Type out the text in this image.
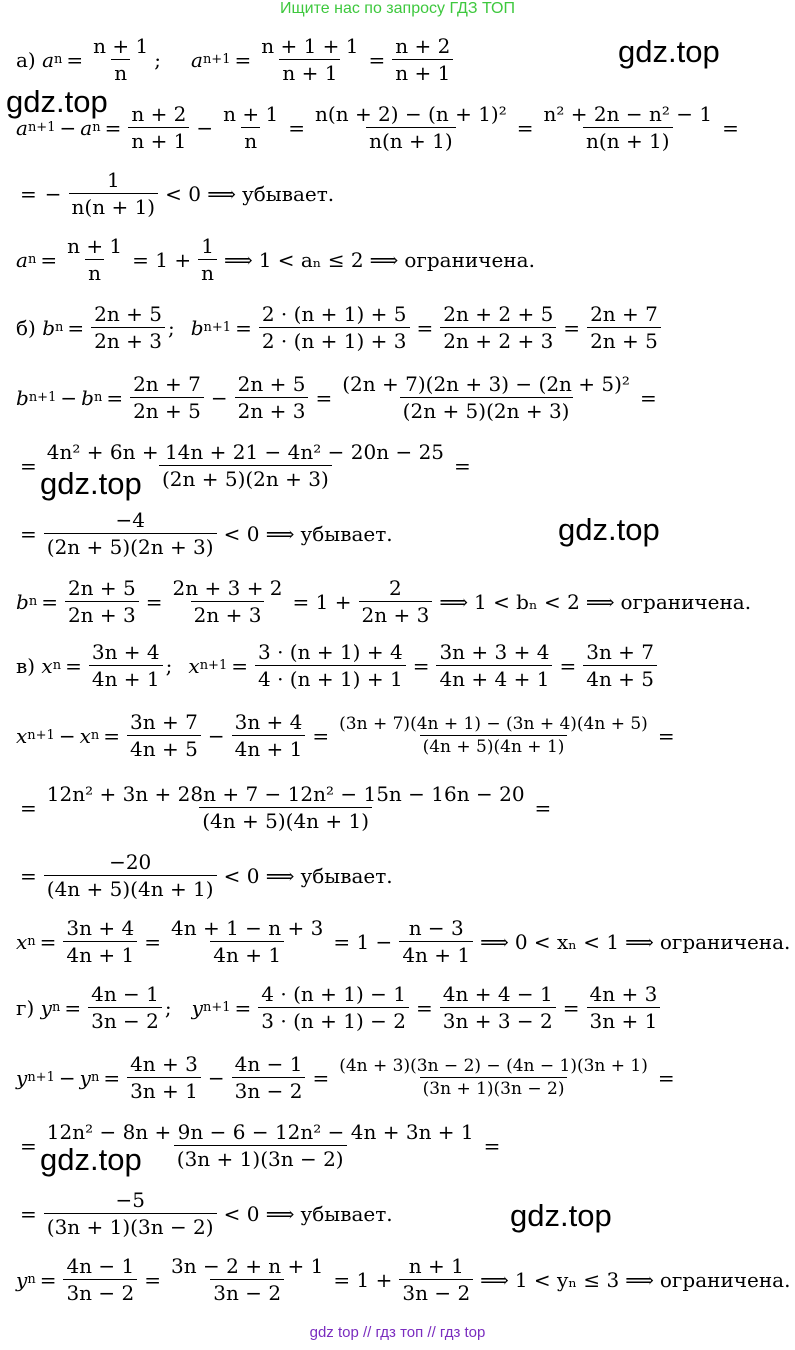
Ищите нас по запросу ГДЗ ТОП
gdz.top
gdz.top
gdz.top
gdz.top
gdz.top
gdz.top
а)
a $n = \frac{n + 1}{n}$ ; a $n+1 = \frac{n + 1 + 1}{n + 1} = \frac{n + 2}{n + 1}$
a n+1 − a $n = \frac{n + 2}{n + 1} - \frac{n + 1}{n} = \frac{\text{n(n + 2) − (n + 1)²}}{n(n + 1)} = \frac{\text{n² + 2n − n² − 1}}{n(n + 1)}$ =
= − $\frac{1}{n(n + 1)} < 0$ ⟹ убывает.
a $n = \frac{n + 1}{n} = 1 + \frac{1}{n}$ ⟹ 1 < aₙ ≤ 2 ⟹ ограничена.
б)
b $n = \frac{2n + 5}{2n + 3}$ ; b $n+1 = \frac{2 \cdot (n + 1) + 5}{2 \cdot (n + 1) + 3} = \frac{2n + 2 + 5}{2n + 2 + 3} = \frac{2n + 7}{2n + 5}$
b n+1 − b $n = \frac{2n + 7}{2n + 5} - \frac{2n + 5}{2n + 3} = \frac{\text{(2n + 7)(2n + 3) − (2n + 5)²}}{(2n + 5)(2n + 3)}$ =
= $\frac{\text{4n² + 6n + 14n + 21 − 4n² − 20n − 25}}{(2n + 5)(2n + 3)}$ =
= $\frac{-4}{(2n + 5)(2n + 3)} < 0$ ⟹ убывает.
b $n = \frac{2n + 5}{2n + 3} = \frac{2n + 3 + 2}{2n + 3} = 1 + \frac{2}{2n + 3}$ ⟹ 1 < bₙ < 2 ⟹ ограничена.
в)
x $n = \frac{3n + 4}{4n + 1}$ ; x $n+1 = \frac{3 \cdot (n + 1) + 4}{4 \cdot (n + 1) + 1} = \frac{3n + 3 + 4}{4n + 4 + 1} = \frac{3n + 7}{4n + 5}$
x n+1 − x $n = \frac{3n + 7}{4n + 5} - \frac{3n + 4}{4n + 1} = \frac{(3n + 7)(4n + 1) - (3n + 4)(4n + 5)}{(4n + 5)(4n + 1)}$ =
= $\frac{\text{12n² + 3n + 28n + 7 − 12n² − 15n − 16n − 20}}{(4n + 5)(4n + 1)}$ =
= $\frac{-20}{(4n + 5)(4n + 1)} < 0$ ⟹ убывает.
x $n = \frac{3n + 4}{4n + 1} = \frac{4n + 1 - n + 3}{4n + 1} = 1 - \frac{n - 3}{4n + 1}$ ⟹ 0 < xₙ < 1 ⟹ ограничена.
г)
y $n = \frac{4n - 1}{3n - 2}$ ; y $n+1 = \frac{4 \cdot (n + 1) - 1}{3 \cdot (n + 1) - 2} = \frac{4n + 4 - 1}{3n + 3 - 2} = \frac{4n + 3}{3n + 1}$
y n+1 − y $n = \frac{4n + 3}{3n + 1} - \frac{4n - 1}{3n - 2} = \frac{(4n + 3)(3n - 2) - (4n - 1)(3n + 1)}{(3n + 1)(3n - 2)}$ =
= $\frac{\text{12n² − 8n + 9n − 6 − 12n² − 4n + 3n + 1}}{(3n + 1)(3n - 2)}$ =
= $\frac{-5}{(3n + 1)(3n - 2)} < 0$ ⟹ убывает.
y $n = \frac{4n - 1}{3n - 2} = \frac{3n - 2 + n + 1}{3n - 2} = 1 + \frac{n + 1}{3n - 2}$ ⟹ 1 < yₙ ≤ 3 ⟹ ограничена.
gdz top // гдз топ // гдз top
